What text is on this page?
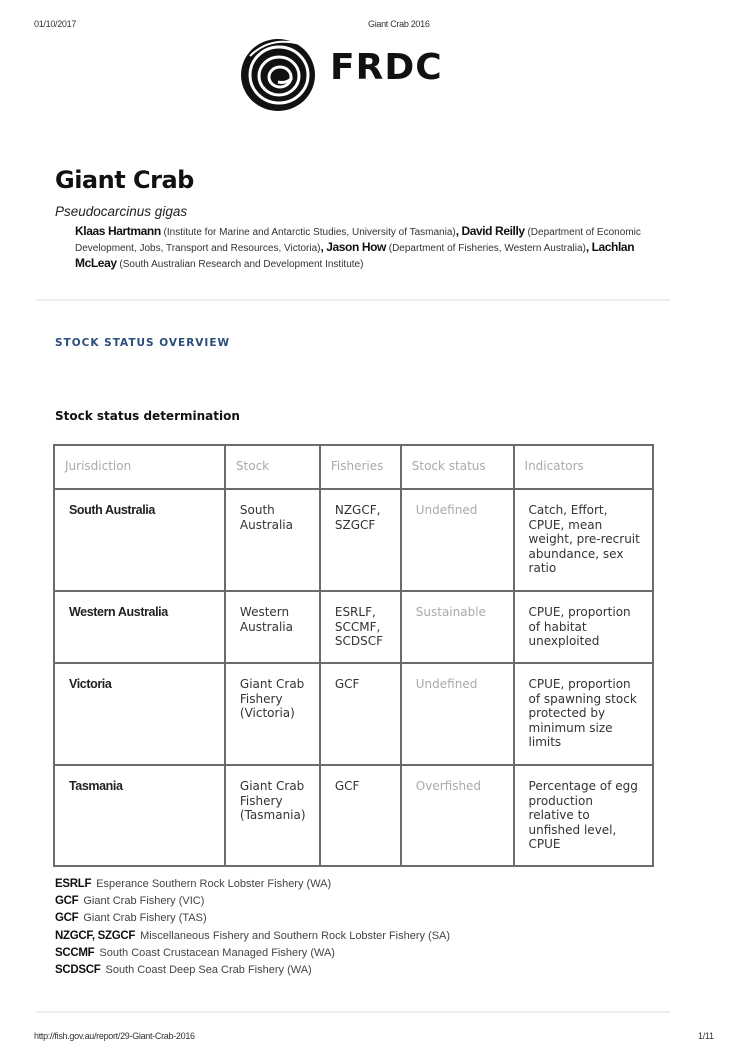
01/10/2017	Giant Crab 2016
FRDC
Giant Crab
Pseudocarcinus gigas
Klaas Hartmann (Institute for Marine and Antarctic Studies, University of Tasmania), David Reilly (Department of Economic Development, Jobs, Transport and Resources, Victoria), Jason How (Department of Fisheries, Western Australia), Lachlan McLeay (South Australian Research and Development Institute)
STOCK STATUS OVERVIEW
Stock status determination
Jurisdiction	Stock	Fisheries	Stock status	Indicators
South Australia	South Australia	NZGCF, SZGCF	Undefined	Catch, Effort, CPUE, mean weight, pre-recruit abundance, sex ratio
Western Australia	Western Australia	ESRLF, SCCMF, SCDSCF	Sustainable	CPUE, proportion of habitat unexploited
Victoria	Giant Crab Fishery (Victoria)	GCF	Undefined	CPUE, proportion of spawning stock protected by minimum size limits
Tasmania	Giant Crab Fishery (Tasmania)	GCF	Overfished	Percentage of egg production relative to unfished level, CPUE
ESRLF Esperance Southern Rock Lobster Fishery (WA)
GCF Giant Crab Fishery (VIC)
GCF Giant Crab Fishery (TAS)
NZGCF, SZGCF Miscellaneous Fishery and Southern Rock Lobster Fishery (SA)
SCCMF South Coast Crustacean Managed Fishery (WA)
SCDSCF South Coast Deep Sea Crab Fishery (WA)
http://fish.gov.au/report/29-Giant-Crab-2016	1/11
